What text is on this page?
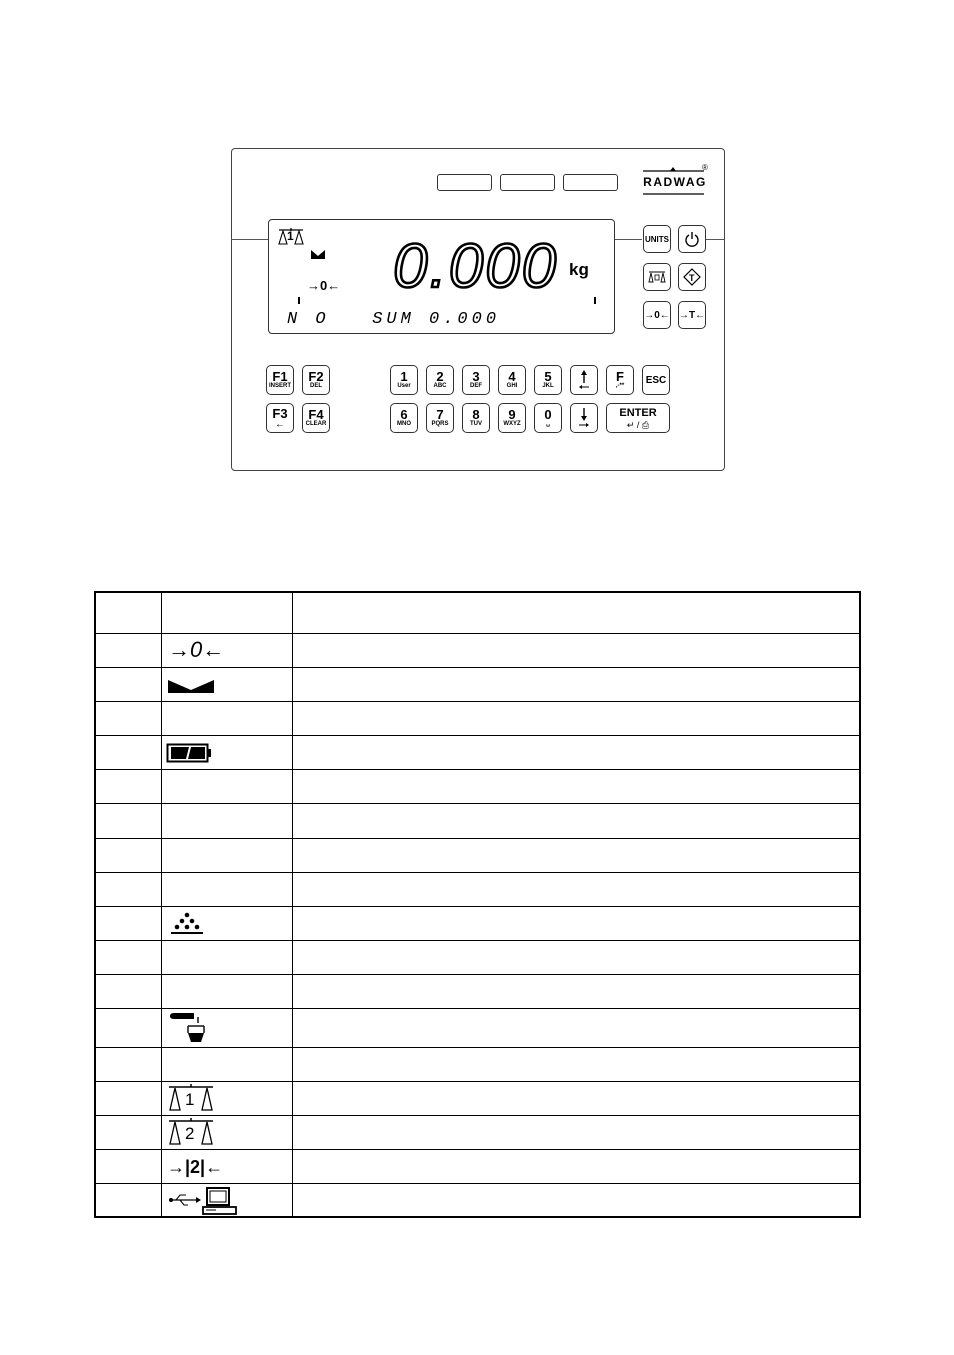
RADWAG
®
1
→0← 0.000 kg
N O   SUM 0.000
UNITS
T
→0← →T←
F1
INSERT
F2
DEL
F3
←
F4
CLEAR
1
User
2
ABC
3
DEF
4
GHI
5
JKL
F
,-**
ESC
6
MNO
7
PQRS
8
TUV
9
WXYZ
0
␣
ENTER
↵ / ⎙
→0←
1
2
→|2|←
